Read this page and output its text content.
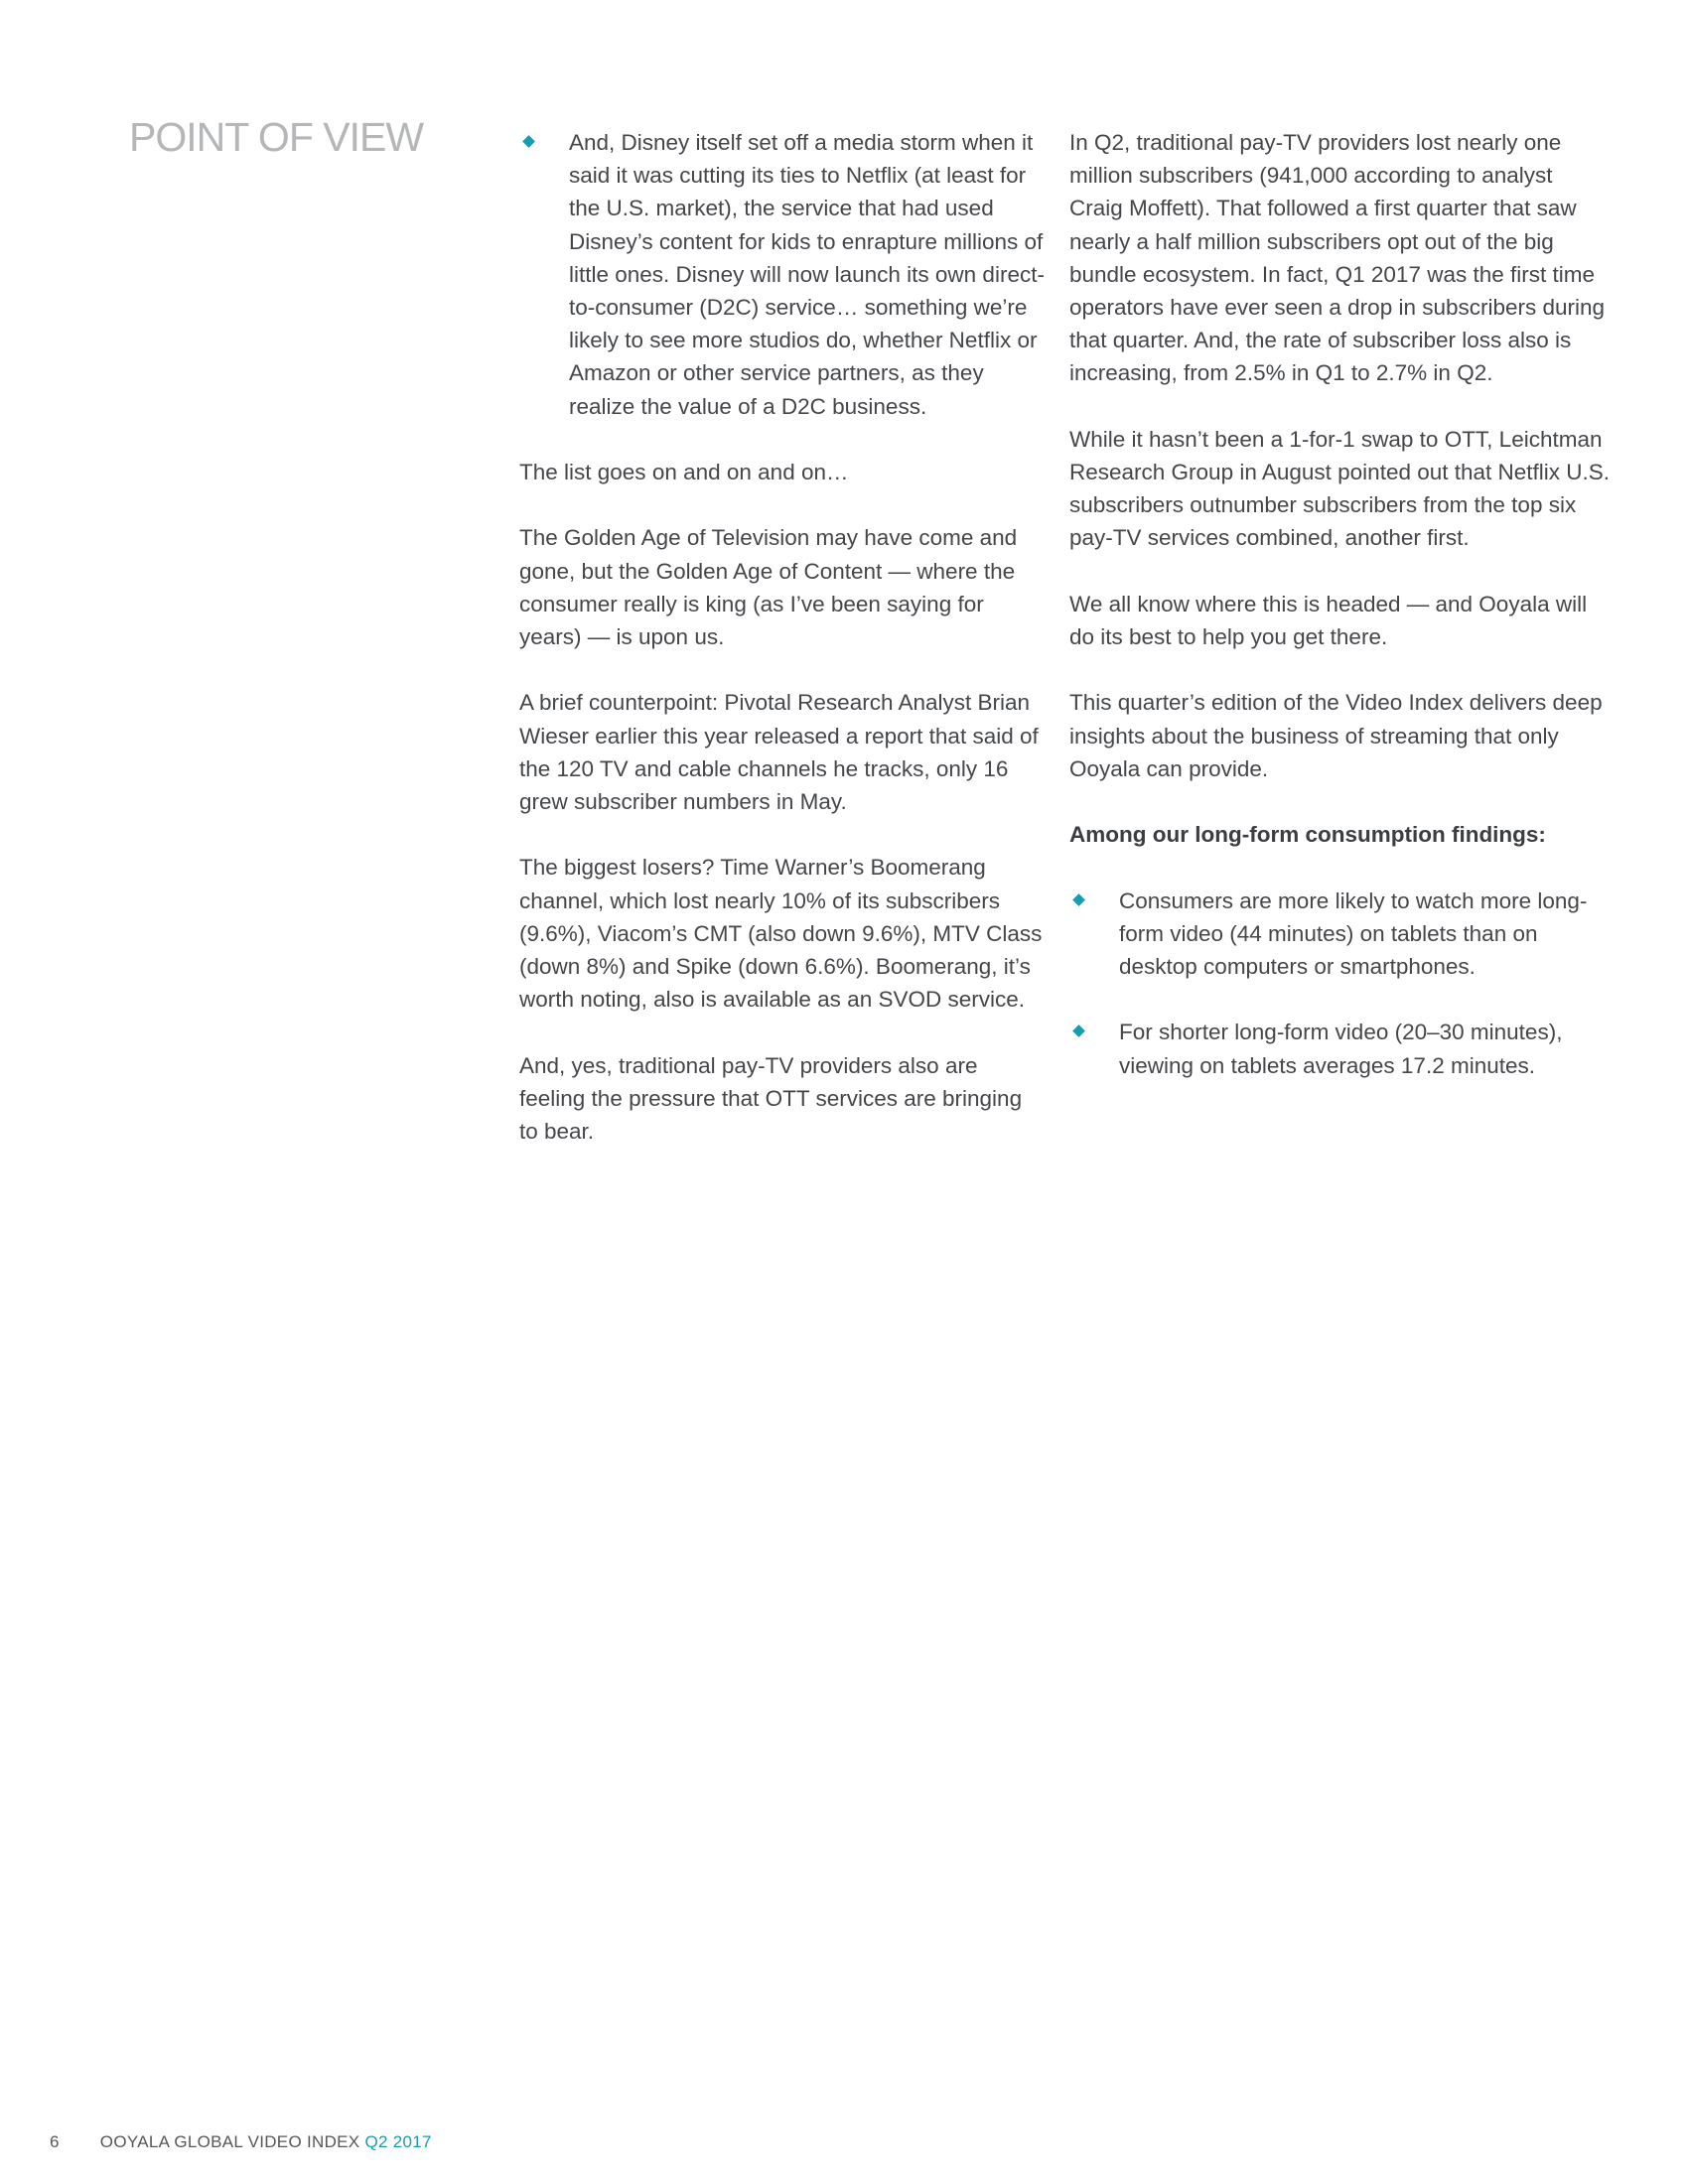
POINT OF VIEW	And, Disney itself set off a media storm when it said it was cutting its ties to Netflix (at least for the U.S. market), the service that had used Disney’s content for kids to enrapture millions of little ones. Disney will now launch its own direct-to-consumer (D2C) service… something we’re likely to see more studios do, whether Netflix or Amazon or other service partners, as they realize the value of a D2C business.

The list goes on and on and on…

The Golden Age of Television may have come and gone, but the Golden Age of Content — where the consumer really is king (as I’ve been saying for years) — is upon us.

A brief counterpoint: Pivotal Research Analyst Brian Wieser earlier this year released a report that said of the 120 TV and cable channels he tracks, only 16 grew subscriber numbers in May.

The biggest losers? Time Warner’s Boomerang channel, which lost nearly 10% of its subscribers (9.6%), Viacom’s CMT (also down 9.6%), MTV Class (down 8%) and Spike (down 6.6%). Boomerang, it’s worth noting, also is available as an SVOD service.

And, yes, traditional pay-TV providers also are feeling the pressure that OTT services are bringing to bear.

In Q2, traditional pay-TV providers lost nearly one million subscribers (941,000 according to analyst Craig Moffett). That followed a first quarter that saw nearly a half million subscribers opt out of the big bundle ecosystem. In fact, Q1 2017 was the first time operators have ever seen a drop in subscribers during that quarter. And, the rate of subscriber loss also is increasing, from 2.5% in Q1 to 2.7% in Q2.

While it hasn’t been a 1-for-1 swap to OTT, Leichtman Research Group in August pointed out that Netflix U.S. subscribers outnumber subscribers from the top six pay-TV services combined, another first.

We all know where this is headed — and Ooyala will do its best to help you get there.

This quarter’s edition of the Video Index delivers deep insights about the business of streaming that only Ooyala can provide.

Among our long-form consumption findings:
Consumers are more likely to watch more long-form video (44 minutes) on tablets than on desktop computers or smartphones.
For shorter long-form video (20–30 minutes), viewing on tablets averages 17.2 minutes.
6 OOYALA GLOBAL VIDEO INDEX Q2 2017
